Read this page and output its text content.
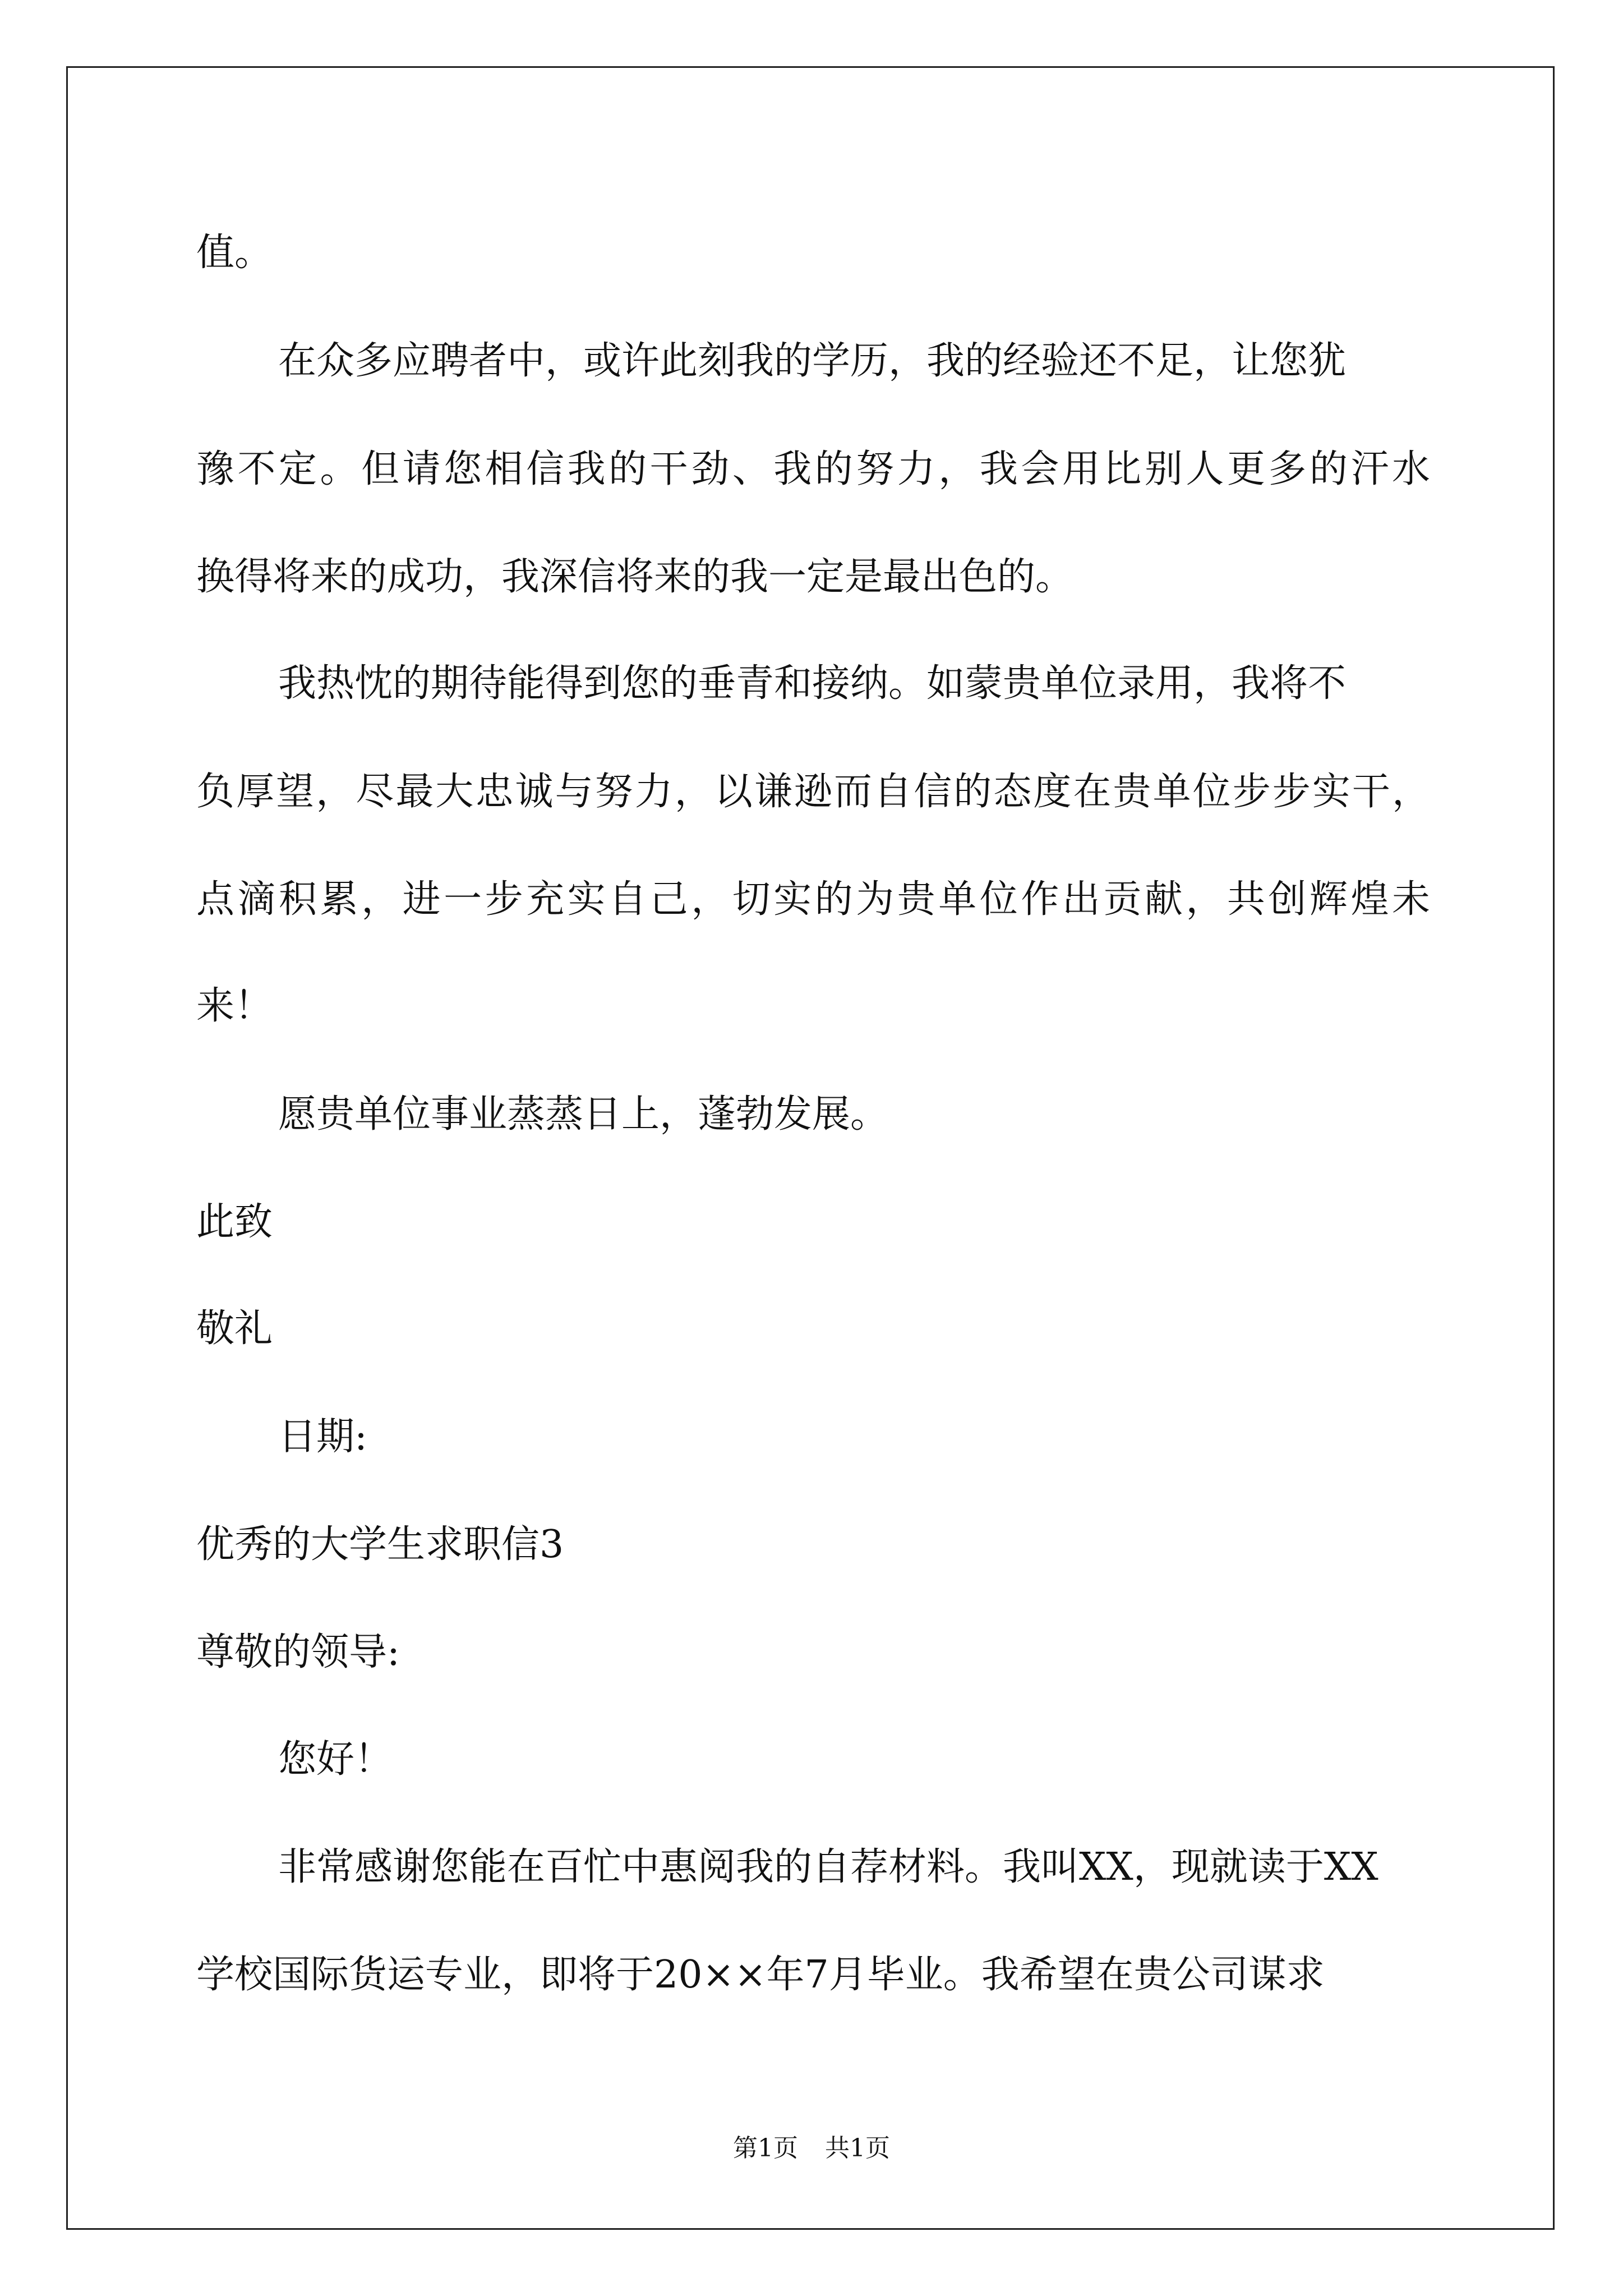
值。
在众多应聘者中，或许此刻我的学历，我的经验还不足，让您犹
豫不定。但请您相信我的干劲、我的努力，我会用比别人更多的汗水
换得将来的成功，我深信将来的我一定是最出色的。
我热忱的期待能得到您的垂青和接纳。如蒙贵单位录用，我将不
负厚望，尽最大忠诚与努力，以谦逊而自信的态度在贵单位步步实干，
点滴积累，进一步充实自己，切实的为贵单位作出贡献，共创辉煌未
来！
愿贵单位事业蒸蒸日上，蓬勃发展。
此致
敬礼
日期:
优秀的大学生求职信3
尊敬的领导:
您好！
非常感谢您能在百忙中惠阅我的自荐材料。我叫XX，现就读于XX
学校国际货运专业，即将于20××年7月毕业。我希望在贵公司谋求
第1页 共1页
